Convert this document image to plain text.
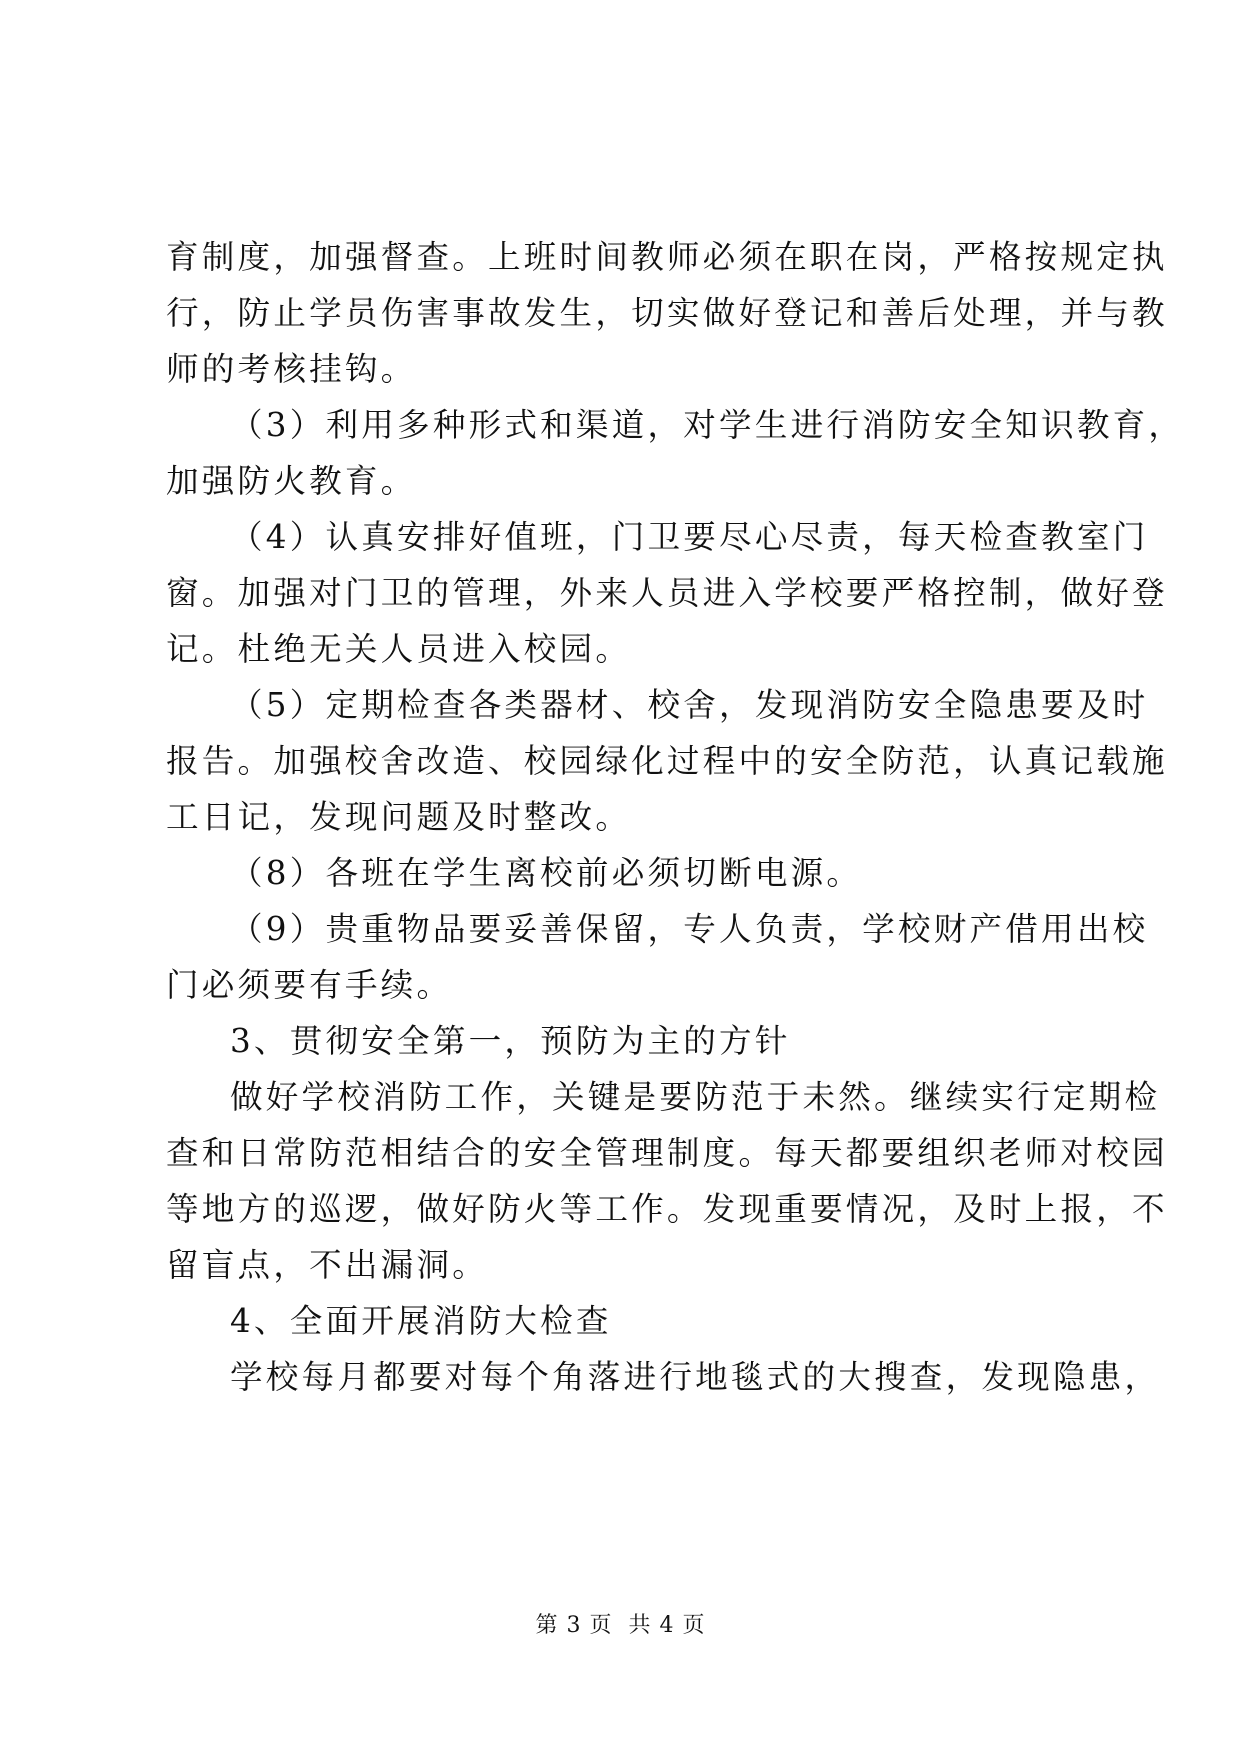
育制度，加强督查。上班时间教师必须在职在岗，严格按规定执
行，防止学员伤害事故发生，切实做好登记和善后处理，并与教
师的考核挂钩。
（3）利用多种形式和渠道，对学生进行消防安全知识教育，
加强防火教育。
（4）认真安排好值班，门卫要尽心尽责，每天检查教室门
窗。加强对门卫的管理，外来人员进入学校要严格控制，做好登
记。杜绝无关人员进入校园。
（5）定期检查各类器材、校舍，发现消防安全隐患要及时
报告。加强校舍改造、校园绿化过程中的安全防范，认真记载施
工日记，发现问题及时整改。
（8）各班在学生离校前必须切断电源。
（9）贵重物品要妥善保留，专人负责，学校财产借用出校
门必须要有手续。
3、贯彻安全第一，预防为主的方针
做好学校消防工作，关键是要防范于未然。继续实行定期检
查和日常防范相结合的安全管理制度。每天都要组织老师对校园
等地方的巡逻，做好防火等工作。发现重要情况，及时上报，不
留盲点，不出漏洞。
4、全面开展消防大检查
学校每月都要对每个角落进行地毯式的大搜查，发现隐患，
第 3 页  共 4 页
